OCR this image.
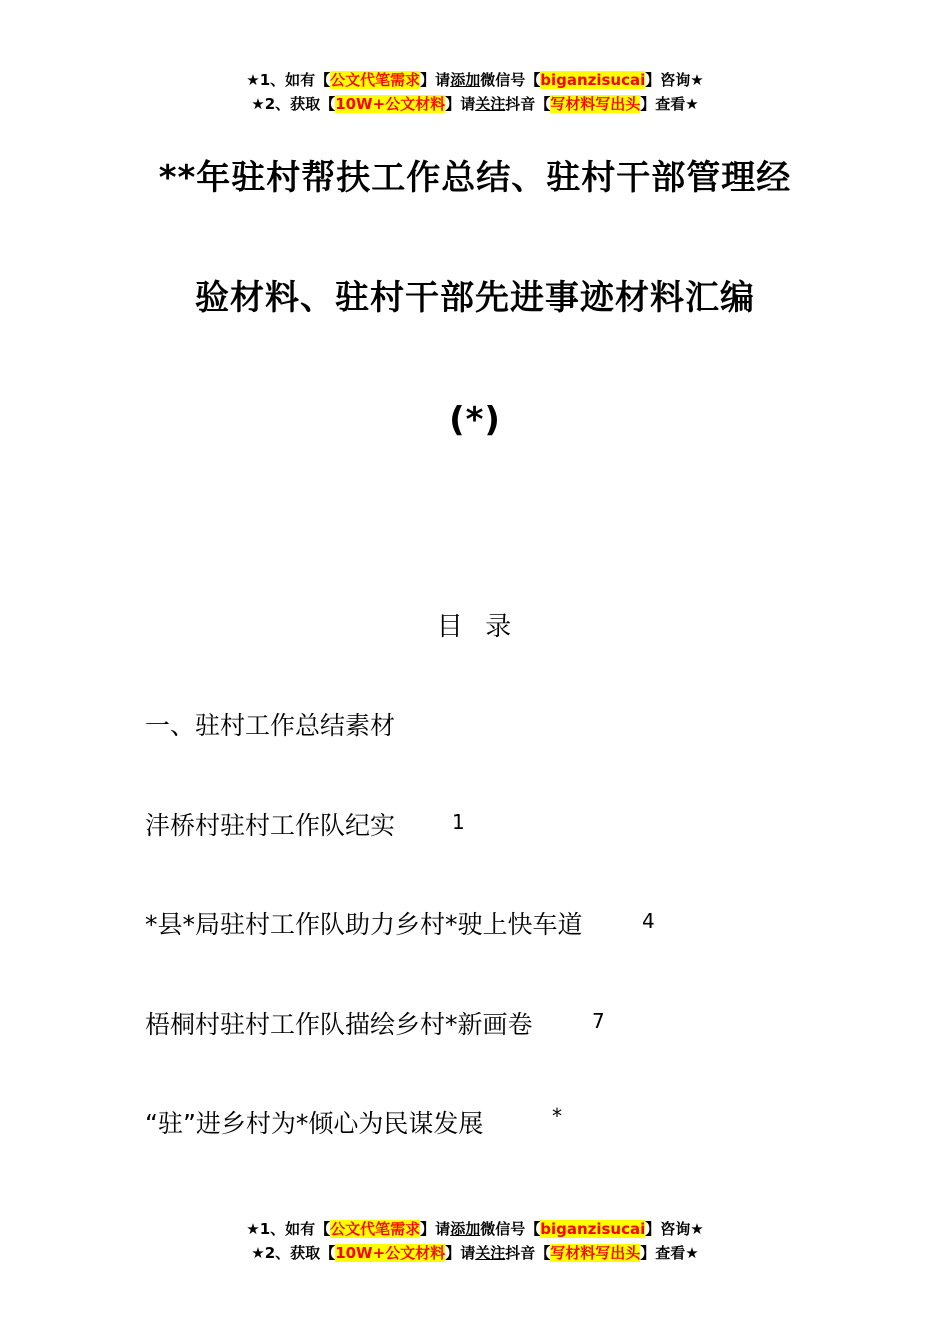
★1、如有【公文代笔需求】请添加微信号【biganzisucai】咨询★
★2、获取【10W+公文材料】请关注抖音【写材料写出头】查看★
**年驻村帮扶工作总结、驻村干部管理经
验材料、驻村干部先进事迹材料汇编
(*)
目  录
一、驻村工作总结素材
沣桥村驻村工作队纪实	1
*县*局驻村工作队助力乡村*驶上快车道	4
梧桐村驻村工作队描绘乡村*新画卷	7
“驻”进乡村为*倾心为民谋发展	*
★1、如有【公文代笔需求】请添加微信号【biganzisucai】咨询★
★2、获取【10W+公文材料】请关注抖音【写材料写出头】查看★
